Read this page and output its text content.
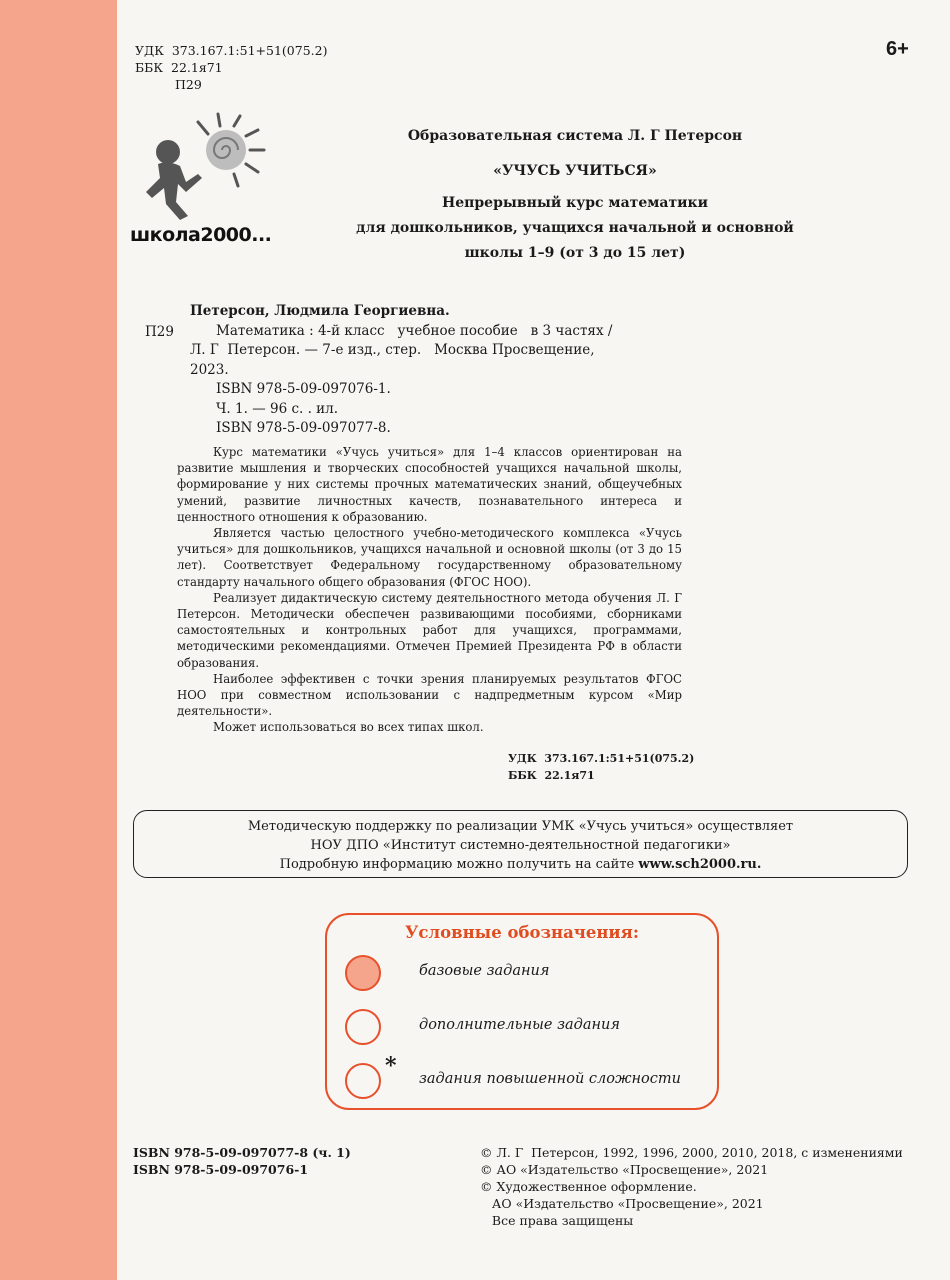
УДК  373.167.1:51+51(075.2)
ББК  22.1я71
П29
6+
школа2000...
Образовательная система Л. Г Петерсон
«УЧУСЬ УЧИТЬСЯ»
Непрерывный курс математики
для дошкольников, учащихся начальной и основной
школы 1–9 (от 3 до 15 лет)
П29
Петерсон, Людмила Георгиевна.
Математика : 4-й класс   учебное пособие   в 3 частях /
Л. Г  Петерсон. — 7-е изд., стер.   Москва Просвещение,
2023.
ISBN 978-5-09-097076-1.
Ч. 1. — 96 с. . ил.
ISBN 978-5-09-097077-8.

Курс математики «Учусь учиться» для 1–4 классов ориентирован на развитие мышления и творческих способностей учащихся начальной школы, формирование у них системы прочных математических знаний, общеучебных умений, развитие личностных качеств, познавательного интереса и ценностного отношения к образованию.

Является частью целостного учебно-методического комплекса «Учусь учиться» для дошкольников, учащихся начальной и основной школы (от 3 до 15 лет). Соответствует Федеральному государственному образовательному стандарту начального общего образования (ФГОС НОО).

Реализует дидактическую систему деятельностного метода обучения Л. Г Петерсон. Методически обеспечен развивающими пособиями, сборниками самостоятельных и контрольных работ для учащихся, программами, методическими рекомендациями. Отмечен Премией Президента РФ в области образования.

Наиболее эффективен с точки зрения планируемых результатов ФГОС НОО при совместном использовании с надпредметным курсом «Мир деятельности».

Может использоваться во всех типах школ.

УДК  373.167.1:51+51(075.2)
ББК  22.1я71
Методическую поддержку по реализации УМК «Учусь учиться» осуществляет
НОУ ДПО «Институт системно-деятельностной педагогики»
Подробную информацию можно получить на сайте www.sch2000.ru.
Условные обозначения:
базовые задания
дополнительные задания
* задания повышенной сложности
ISBN 978-5-09-097077-8 (ч. 1)
ISBN 978-5-09-097076-1
© Л. Г  Петерсон, 1992, 1996, 2000, 2010, 2018, с изменениями
© АО «Издательство «Просвещение», 2021
© Художественное оформление.
АО «Издательство «Просвещение», 2021
Все права защищены
